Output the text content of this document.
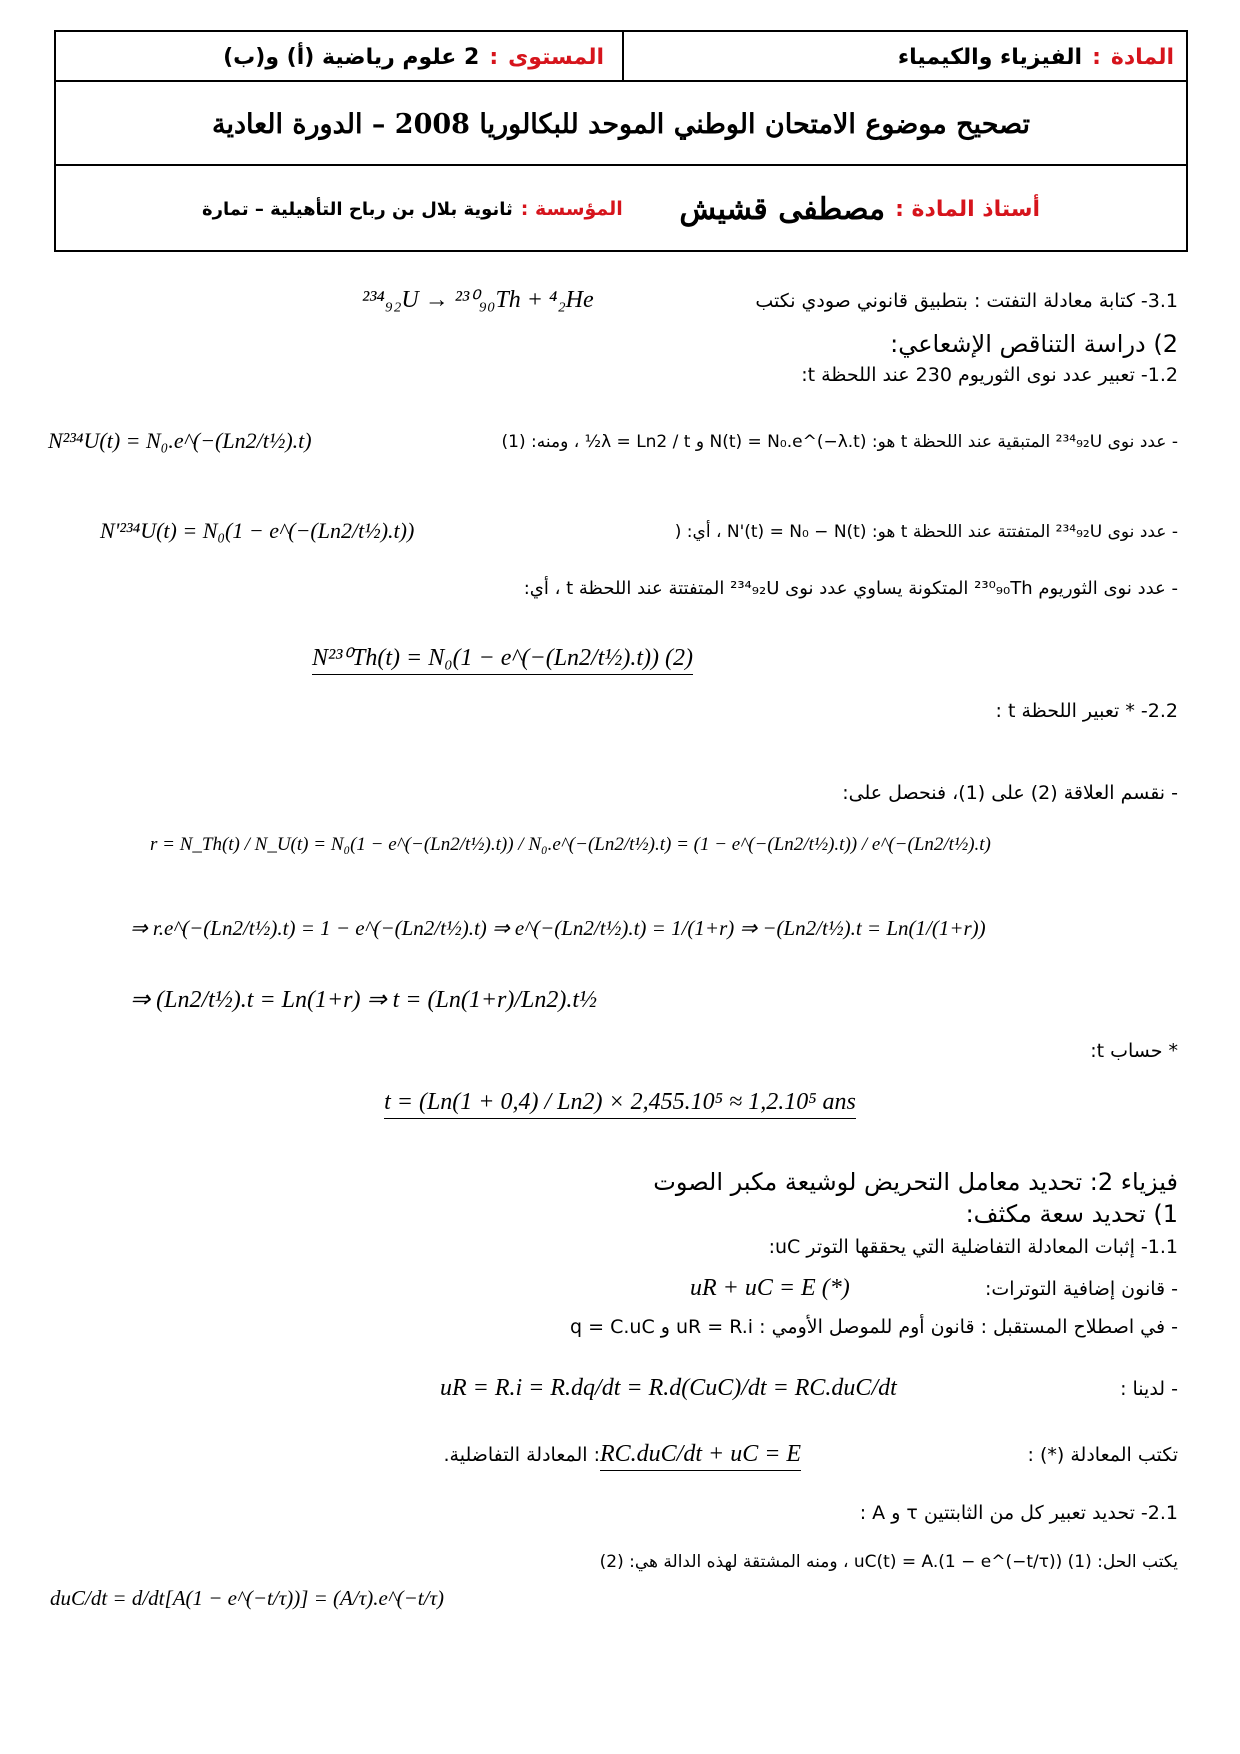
المادة
:
الفيزياء والكيمياء
المستوى
:
2 علوم رياضية (أ) و(ب)
تصحيح موضوع الامتحان الوطني الموحد للبكالوريا 2008 – الدورة العادية
أستاذ المادة :
مصطفى قشيش
المؤسسة :
ثانوية بلال بن رباح التأهيلية – تمارة
3.1- كتابة معادلة التفتت : بتطبيق قانوني صودي نكتب
²³⁴₉₂U → ²³⁰₉₀Th + ⁴₂He
2) دراسة التناقص الإشعاعي:
1.2- تعبير عدد نوى الثوريوم 230 عند اللحظة t:
- عدد نوى ²³⁴₉₂U المتبقية عند اللحظة t هو: N(t) = N₀.e^(−λ.t) و λ = Ln2 / t½ ، ومنه: (1)
N²³⁴U(t) = N₀.e^(−(Ln2/t½).t)
- عدد نوى ²³⁴₉₂U المتفتتة عند اللحظة t هو: N'(t) = N₀ − N(t) ، أي: (
N'²³⁴U(t) = N₀(1 − e^(−(Ln2/t½).t))
- عدد نوى الثوريوم ²³⁰₉₀Th المتكونة يساوي عدد نوى ²³⁴₉₂U المتفتتة عند اللحظة t ، أي:
N²³⁰Th(t) = N₀(1 − e^(−(Ln2/t½).t)) (2)
2.2- * تعبير اللحظة t :
- نقسم العلاقة (2) على (1)، فنحصل على:
r = N_Th(t) / N_U(t) = N₀(1 − e^(−(Ln2/t½).t)) / N₀.e^(−(Ln2/t½).t) = (1 − e^(−(Ln2/t½).t)) / e^(−(Ln2/t½).t)
⇒ r.e^(−(Ln2/t½).t) = 1 − e^(−(Ln2/t½).t) ⇒ e^(−(Ln2/t½).t) = 1/(1+r) ⇒ −(Ln2/t½).t = Ln(1/(1+r))
⇒ (Ln2/t½).t = Ln(1+r) ⇒ t = (Ln(1+r)/Ln2).t½
* حساب t:
t = (Ln(1 + 0,4) / Ln2) × 2,455.10⁵ ≈ 1,2.10⁵ ans
فيزياء 2: تحديد معامل التحريض لوشيعة مكبر الصوت
1) تحديد سعة مكثف:
1.1- إثبات المعادلة التفاضلية التي يحققها التوتر uC:
- قانون إضافية التوترات:
uR + uC = E (*)
- في اصطلاح المستقبل : قانون أوم للموصل الأومي : uR = R.i و q = C.uC
- لدينا :
uR = R.i = R.dq/dt = R.d(CuC)/dt = RC.duC/dt
تكتب المعادلة (*) :
RC.duC/dt + uC = E
: المعادلة التفاضلية.
2.1- تحديد تعبير كل من الثابتتين τ و A :
يكتب الحل: (1) uC(t) = A.(1 − e^(−t/τ)) ، ومنه المشتقة لهذه الدالة هي: (2)
duC/dt = d/dt[A(1 − e^(−t/τ))] = (A/τ).e^(−t/τ)
